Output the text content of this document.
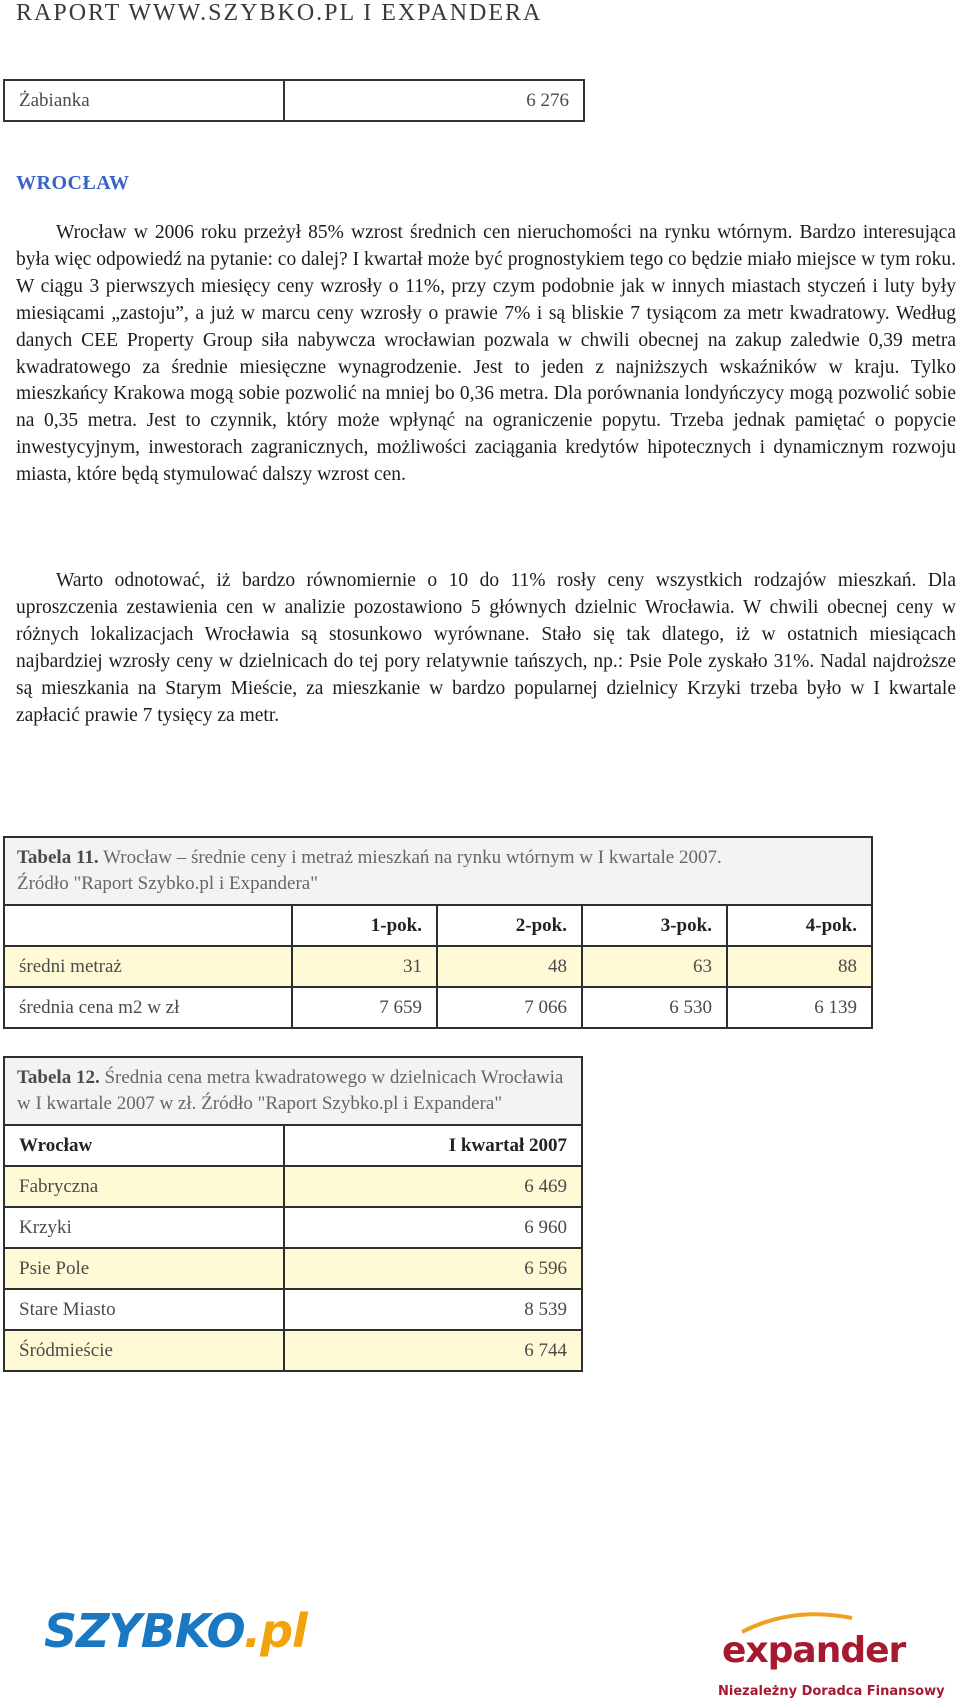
RAPORT WWW.SZYBKO.PL I EXPANDERA
Żabianka	6 276
WROCŁAW
Wrocław w 2006 roku przeżył 85% wzrost średnich cen nieruchomości na rynku wtórnym. Bardzo interesująca była więc odpowiedź na pytanie: co dalej? I kwartał może być prognostykiem tego co będzie miało miejsce w tym roku. W ciągu 3 pierwszych miesięcy ceny wzrosły o 11%, przy czym podobnie jak w innych miastach styczeń i luty były miesiącami „zastoju”, a już w marcu ceny wzrosły o prawie 7% i są bliskie 7 tysiącom za metr kwadratowy. Według danych CEE Property Group siła nabywcza wrocławian pozwala w chwili obecnej na zakup zaledwie 0,39 metra kwadratowego za średnie miesięczne wynagrodzenie. Jest to jeden z najniższych wskaźników w kraju. Tylko mieszkańcy Krakowa mogą sobie pozwolić na mniej bo 0,36 metra. Dla porównania londyńczycy mogą pozwolić sobie na 0,35 metra. Jest to czynnik, który może wpłynąć na ograniczenie popytu. Trzeba jednak pamiętać o popycie inwestycyjnym, inwestorach zagranicznych, możliwości zaciągania kredytów hipotecznych i dynamicznym rozwoju miasta, które będą stymulować dalszy wzrost cen.
Warto odnotować, iż bardzo równomiernie o 10 do 11% rosły ceny wszystkich rodzajów mieszkań. Dla uproszczenia zestawienia cen w analizie pozostawiono 5 głównych dzielnic Wrocławia. W chwili obecnej ceny w różnych lokalizacjach Wrocławia są stosunkowo wyrównane. Stało się tak dlatego, iż w ostatnich miesiącach najbardziej wzrosły ceny w dzielnicach do tej pory relatywnie tańszych, np.: Psie Pole zyskało 31%. Nadal najdroższe są mieszkania na Starym Mieście, za mieszkanie w bardzo popularnej dzielnicy Krzyki trzeba było w I kwartale zapłacić prawie 7 tysięcy za metr.
Tabela 11. Wrocław – średnie ceny i metraż mieszkań na rynku wtórnym w I kwartale 2007.
Źródło "Raport Szybko.pl i Expandera"				
	1-pok.	2-pok.	3-pok.	4-pok.
średni metraż	31	48	63	88
średnia cena m2 w zł	7 659	7 066	6 530	6 139
Tabela 12. Średnia cena metra kwadratowego w dzielnicach Wrocławia w I kwartale 2007 w zł. Źródło "Raport Szybko.pl i Expandera"	
Wrocław	I kwartał 2007
Fabryczna	6 469
Krzyki	6 960
Psie Pole	6 596
Stare Miasto	8 539
Śródmieście	6 744
SZYBKO.pl	expander
Niezależny Doradca Finansowy
